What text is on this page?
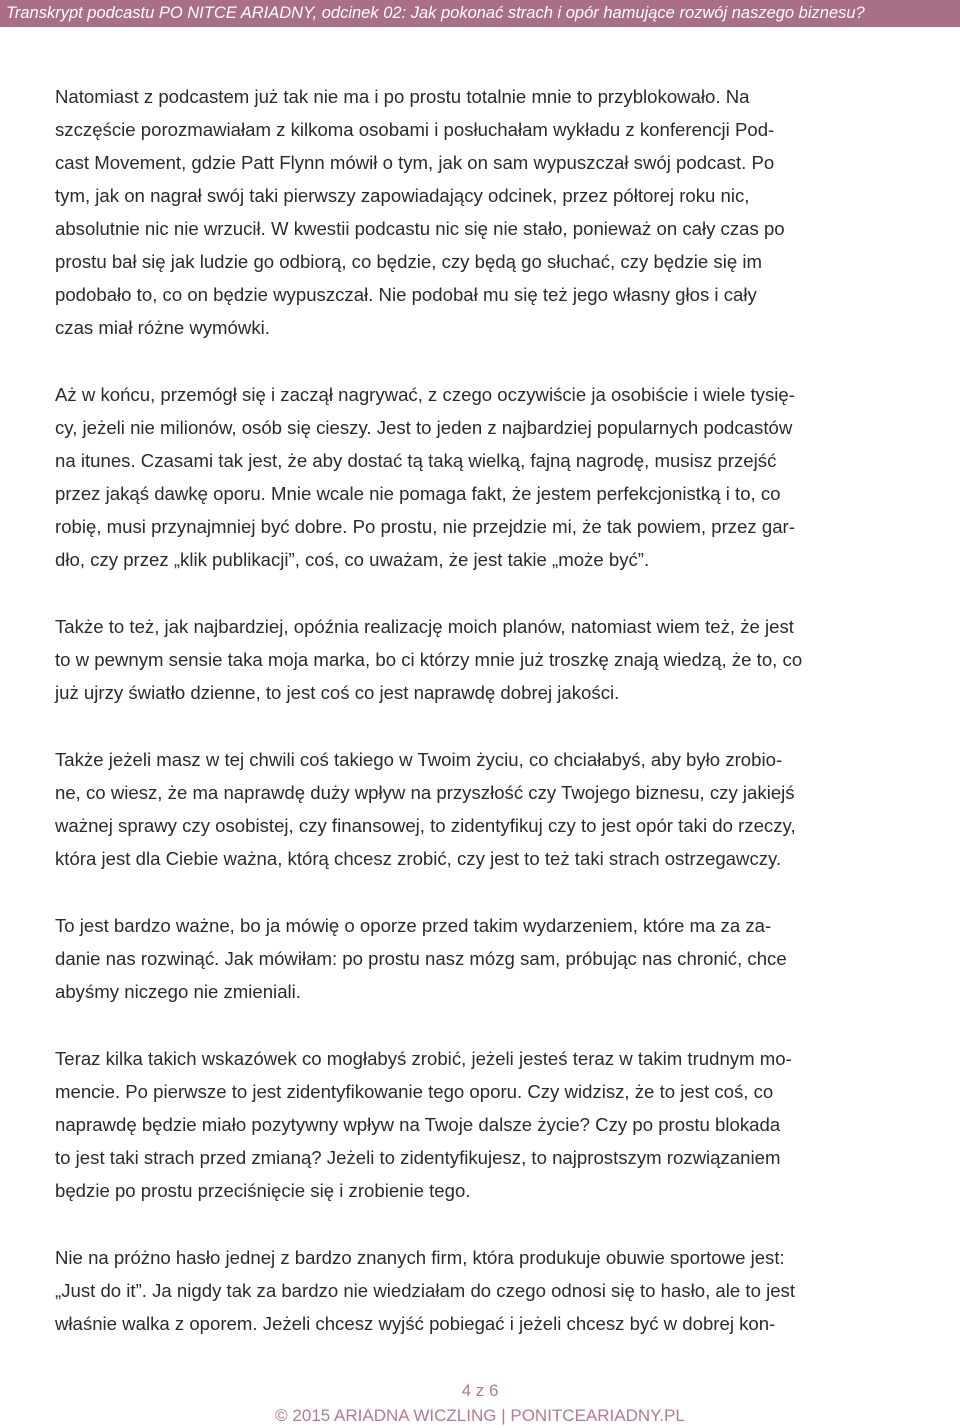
Transkrypt podcastu PO NITCE ARIADNY, odcinek 02: Jak pokonać strach i opór hamujące rozwój naszego biznesu?

Natomiast z podcastem już tak nie ma i po prostu totalnie mnie to przyblokowało. Na
szczęście porozmawiałam z kilkoma osobami i posłuchałam wykładu z konferencji Pod-
cast Movement, gdzie Patt Flynn mówił o tym, jak on sam wypuszczał swój podcast. Po
tym, jak on nagrał swój taki pierwszy zapowiadający odcinek, przez półtorej roku nic,
absolutnie nic nie wrzucił. W kwestii podcastu nic się nie stało, ponieważ on cały czas po
prostu bał się jak ludzie go odbiorą, co będzie, czy będą go słuchać, czy będzie się im
podobało to, co on będzie wypuszczał. Nie podobał mu się też jego własny głos i cały
czas miał różne wymówki.

Aż w końcu, przemógł się i zaczął nagrywać, z czego oczywiście ja osobiście i wiele tysię-
cy, jeżeli nie milionów, osób się cieszy. Jest to jeden z najbardziej popularnych podcastów
na itunes. Czasami tak jest, że aby dostać tą taką wielką, fajną nagrodę, musisz przejść
przez jakąś dawkę oporu. Mnie wcale nie pomaga fakt, że jestem perfekcjonistką i to, co
robię, musi przynajmniej być dobre. Po prostu, nie przejdzie mi, że tak powiem, przez gar-
dło, czy przez „klik publikacji”, coś, co uważam, że jest takie „może być”.

Także to też, jak najbardziej, opóźnia realizację moich planów, natomiast wiem też, że jest
to w pewnym sensie taka moja marka, bo ci którzy mnie już troszkę znają wiedzą, że to, co
już ujrzy światło dzienne, to jest coś co jest naprawdę dobrej jakości.

Także jeżeli masz w tej chwili coś takiego w Twoim życiu, co chciałabyś, aby było zrobio-
ne, co wiesz, że ma naprawdę duży wpływ na przyszłość czy Twojego biznesu, czy jakiejś
ważnej sprawy czy osobistej, czy finansowej, to zidentyfikuj czy to jest opór taki do rzeczy,
która jest dla Ciebie ważna, którą chcesz zrobić, czy jest to też taki strach ostrzegawczy.

To jest bardzo ważne, bo ja mówię o oporze przed takim wydarzeniem, które ma za za-
danie nas rozwinąć. Jak mówiłam: po prostu nasz mózg sam, próbując nas chronić, chce
abyśmy niczego nie zmieniali.

Teraz kilka takich wskazówek co mogłabyś zrobić, jeżeli jesteś teraz w takim trudnym mo-
mencie. Po pierwsze to jest zidentyfikowanie tego oporu. Czy widzisz, że to jest coś, co
naprawdę będzie miało pozytywny wpływ na Twoje dalsze życie? Czy po prostu blokada
to jest taki strach przed zmianą? Jeżeli to zidentyfikujesz, to najprostszym rozwiązaniem
będzie po prostu przeciśnięcie się i zrobienie tego.

Nie na próżno hasło jednej z bardzo znanych firm, która produkuje obuwie sportowe jest:
„Just do it”. Ja nigdy tak za bardzo nie wiedziałam do czego odnosi się to hasło, ale to jest
właśnie walka z oporem. Jeżeli chcesz wyjść pobiegać i jeżeli chcesz być w dobrej kon-

4 z 6
© 2015 ARIADNA WICZLING | PONITCEARIADNY.PL
